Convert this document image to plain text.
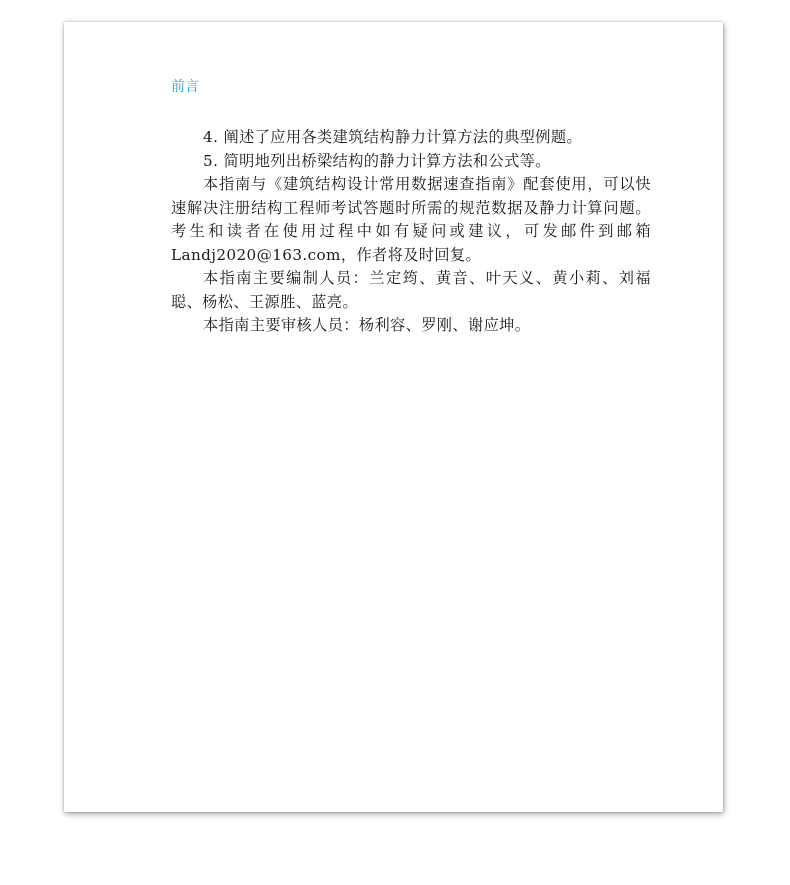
前言

4. 阐述了应用各类建筑结构静力计算方法的典型例题。

5. 简明地列出桥梁结构的静力计算方法和公式等。

本指南与《建筑结构设计常用数据速查指南》配套使用，可以快速解决注册结构工程师考试答题时所需的规范数据及静力计算问题。考生和读者在使用过程中如有疑问或建议，可发邮件到邮箱 Landj2020@163.com，作者将及时回复。

本指南主要编制人员：兰定筠、黄音、叶天义、黄小莉、刘福聪、杨松、王源胜、蓝亮。

本指南主要审核人员：杨利容、罗刚、谢应坤。
